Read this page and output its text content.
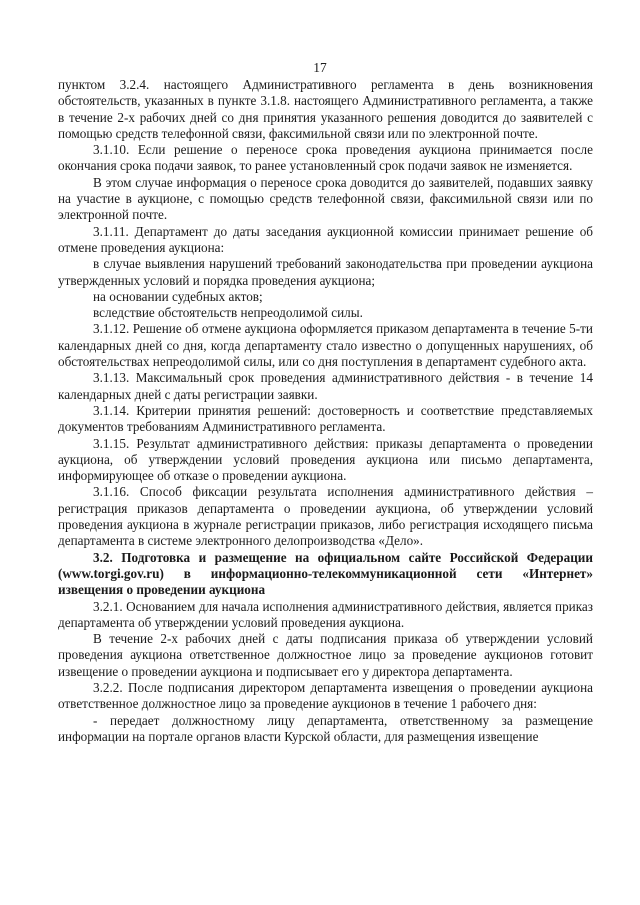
17

пунктом 3.2.4. настоящего Административного регламента в день возникновения обстоятельств, указанных в пункте 3.1.8. настоящего Административного регламента, а также в течение 2-х рабочих дней со дня принятия указанного решения доводится до заявителей с помощью средств телефонной связи, факсимильной связи или по электронной почте.

3.1.10. Если решение о переносе срока проведения аукциона принимается после окончания срока подачи заявок, то ранее установленный срок подачи заявок не изменяется.

В этом случае информация о переносе срока доводится до заявителей, подавших заявку на участие в аукционе, с помощью средств телефонной связи, факсимильной связи или по электронной почте.

3.1.11. Департамент до даты заседания аукционной комиссии принимает решение об отмене проведения аукциона:

в случае выявления нарушений требований законодательства при проведении аукциона утвержденных условий и порядка проведения аукциона;

на основании судебных актов;

вследствие обстоятельств непреодолимой силы.

3.1.12. Решение об отмене аукциона оформляется приказом департамента в течение 5-ти календарных дней со дня, когда департаменту стало известно о допущенных нарушениях, об обстоятельствах непреодолимой силы, или со дня поступления в департамент судебного акта.

3.1.13. Максимальный срок проведения административного действия - в течение 14 календарных дней с даты регистрации заявки.

3.1.14. Критерии принятия решений: достоверность и соответствие представляемых документов требованиям Административного регламента.

3.1.15. Результат административного действия: приказы департамента о проведении аукциона, об утверждении условий проведения аукциона или письмо департамента, информирующее об отказе о проведении аукциона.

3.1.16. Способ фиксации результата исполнения административного действия – регистрация приказов департамента о проведении аукциона, об утверждении условий проведения аукциона в журнале регистрации приказов, либо регистрация исходящего письма департамента в системе электронного делопроизводства «Дело».

3.2. Подготовка и размещение на официальном сайте Российской Федерации (www.torgi.gov.ru) в информационно-телекоммуникационной сети «Интернет» извещения о проведении аукциона

3.2.1. Основанием для начала исполнения административного действия, является приказ департамента об утверждении условий проведения аукциона.

В течение 2-х рабочих дней с даты подписания приказа об утверждении условий проведения аукциона ответственное должностное лицо за проведение аукционов готовит извещение о проведении аукциона и подписывает его у директора департамента.

3.2.2. После подписания директором департамента извещения о проведении аукциона ответственное должностное лицо за проведение аукционов в течение 1 рабочего дня:

- передает должностному лицу департамента, ответственному за размещение информации на портале органов власти Курской области, для размещения извещение
